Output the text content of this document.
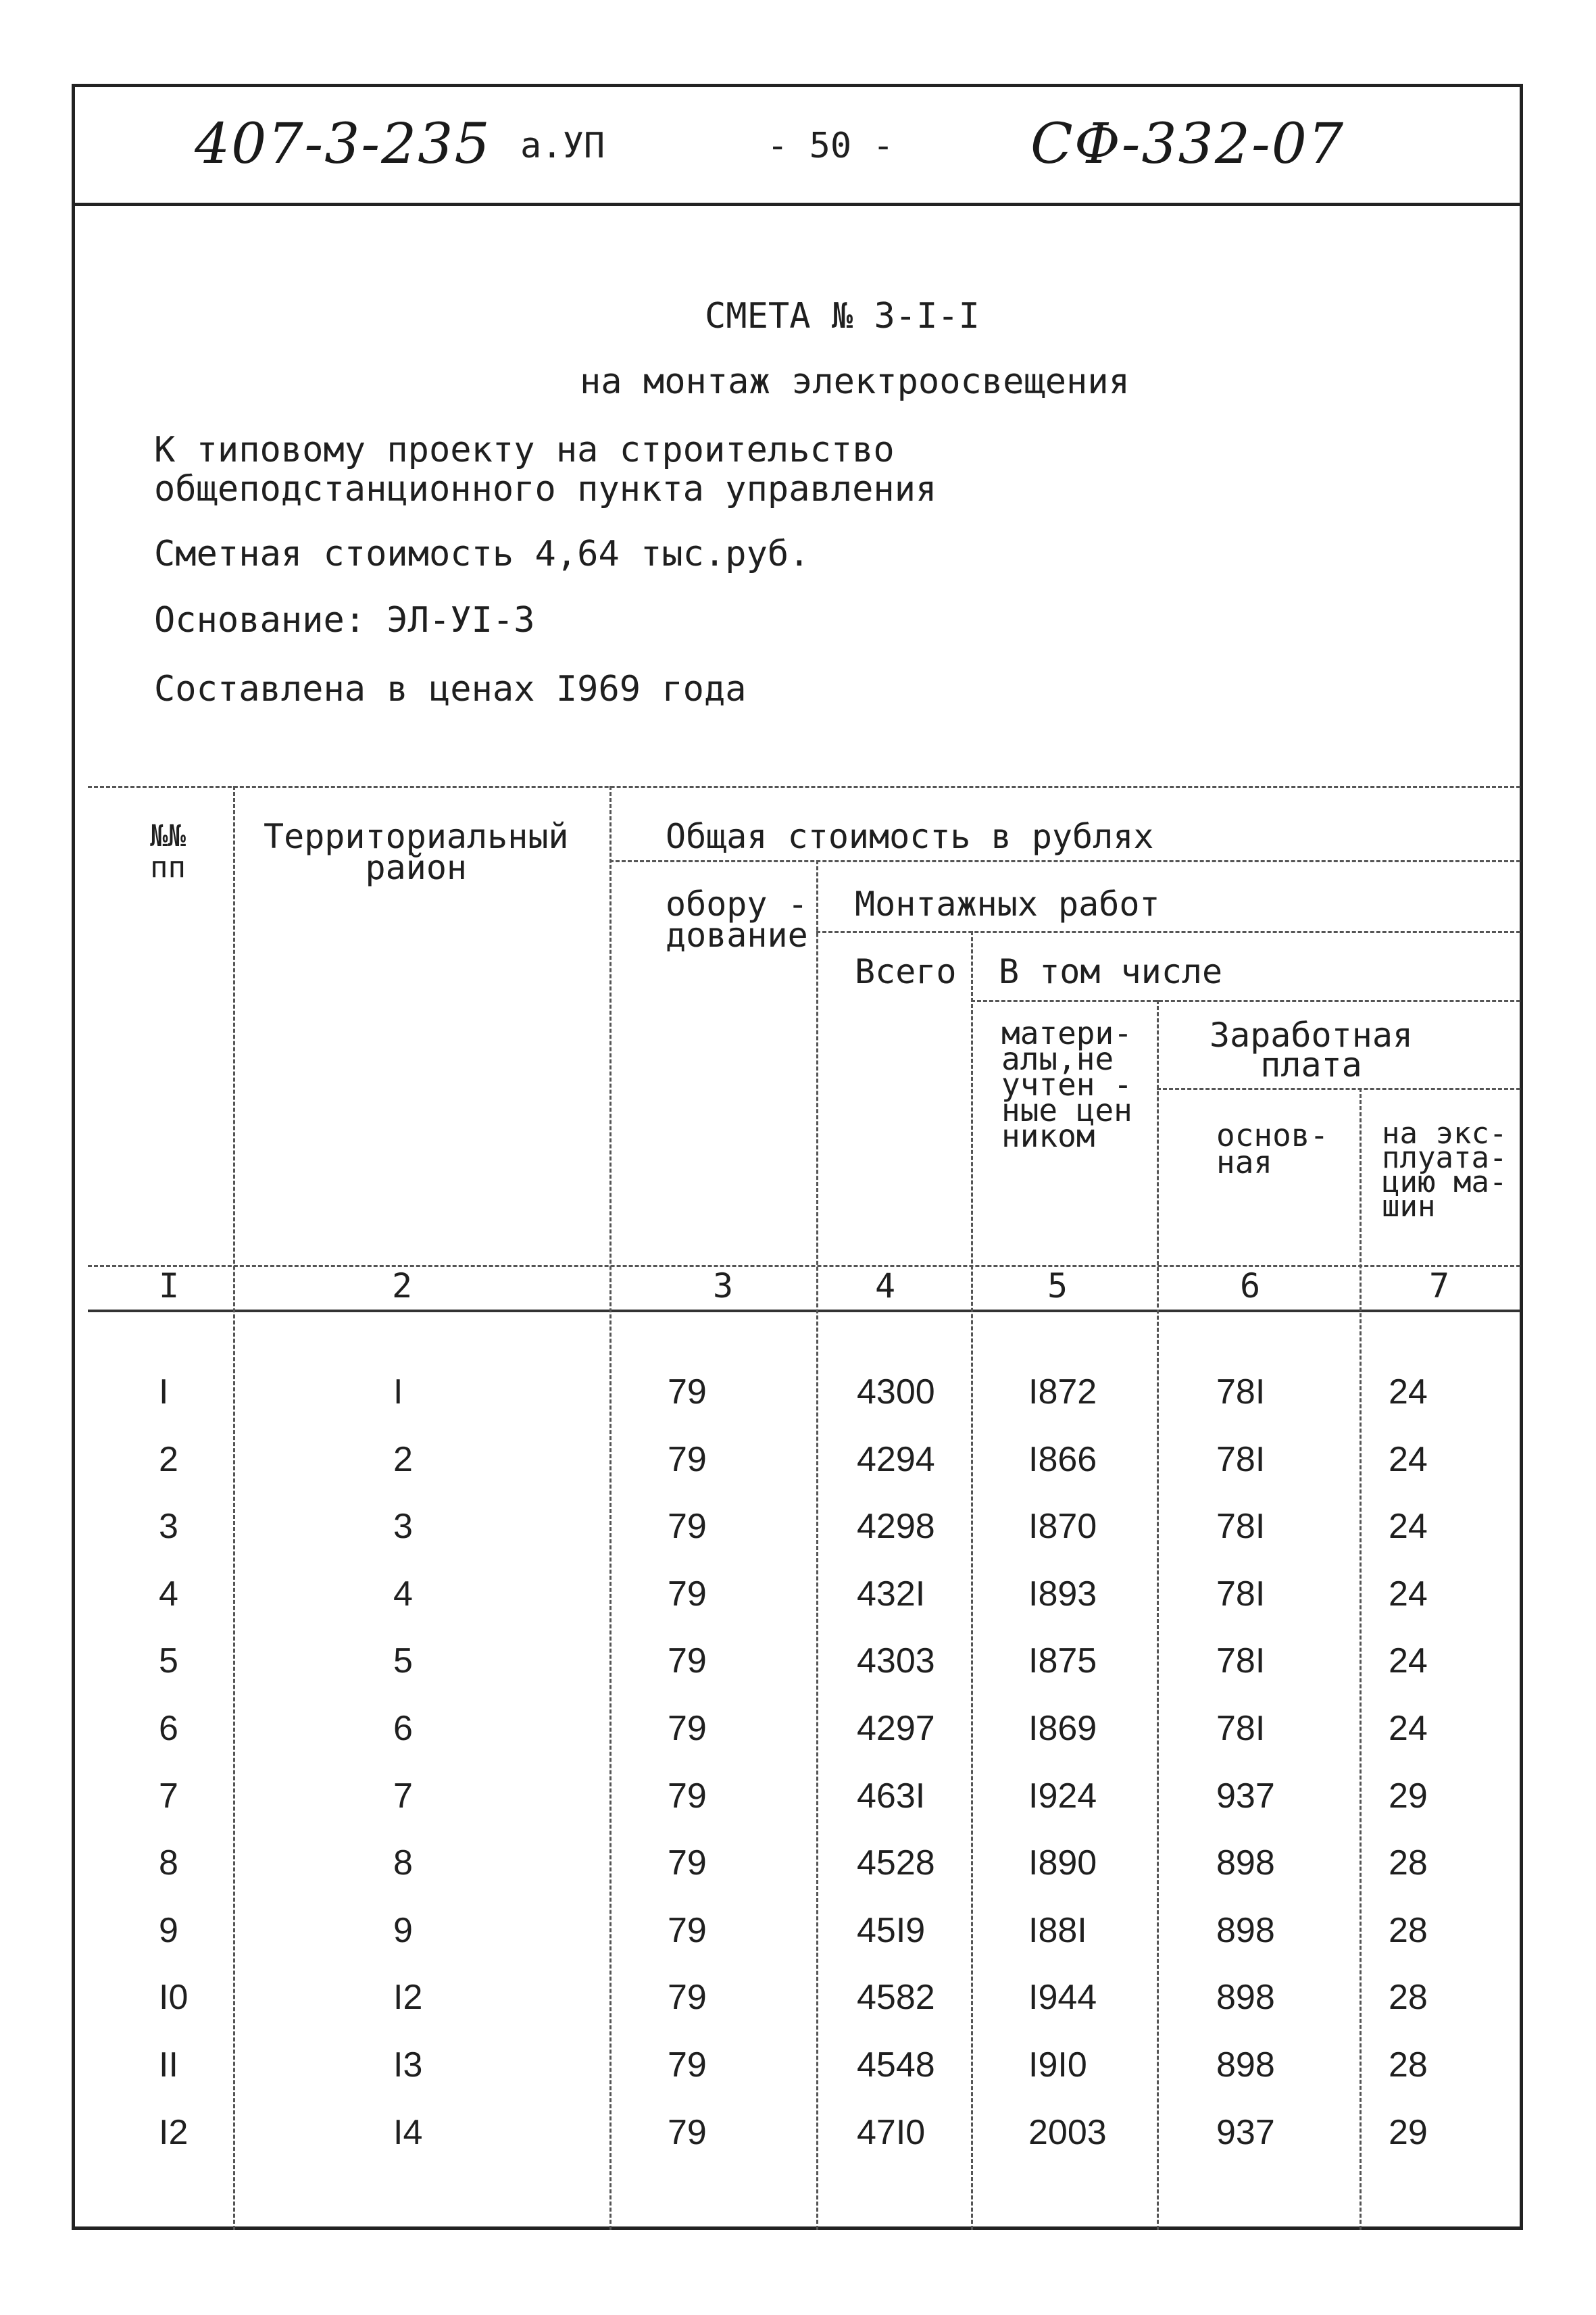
407-3-235 а.УП	- 50 - СФ-332-07
СМЕТА № 3-I-I
на монтаж электроосвещения
К типовому проекту на строительство
общеподстанционного пункта управления
Сметная стоимость 4,64 тыс.руб.
Основание: ЭЛ-УI-3
Составлена в ценах I969 года
№№
пп
Территориальный
район
Общая стоимость в рублях
обору -
дование
Монтажных работ
Всего В том числе
матери-
алы,не
учтен -
ные цен
ником
Заработная
плата
основ-
ная
на экс-
плуата-
цию ма-
шин
I	2	3	4	5	6	7
I	I	79	4300	I872	78I	24
2	2	79	4294	I866	78I	24
3	3	79	4298	I870	78I	24
4	4	79	432I	I893	78I	24
5	5	79	4303	I875	78I	24
6	6	79	4297	I869	78I	24
7	7	79	463I	I924	937	29
8	8	79	4528	I890	898	28
9	9	79	45I9	I88I	898	28
I0	I2	79	4582	I944	898	28
II	I3	79	4548	I9I0	898	28
I2	I4	79	47I0	2003	937	29
